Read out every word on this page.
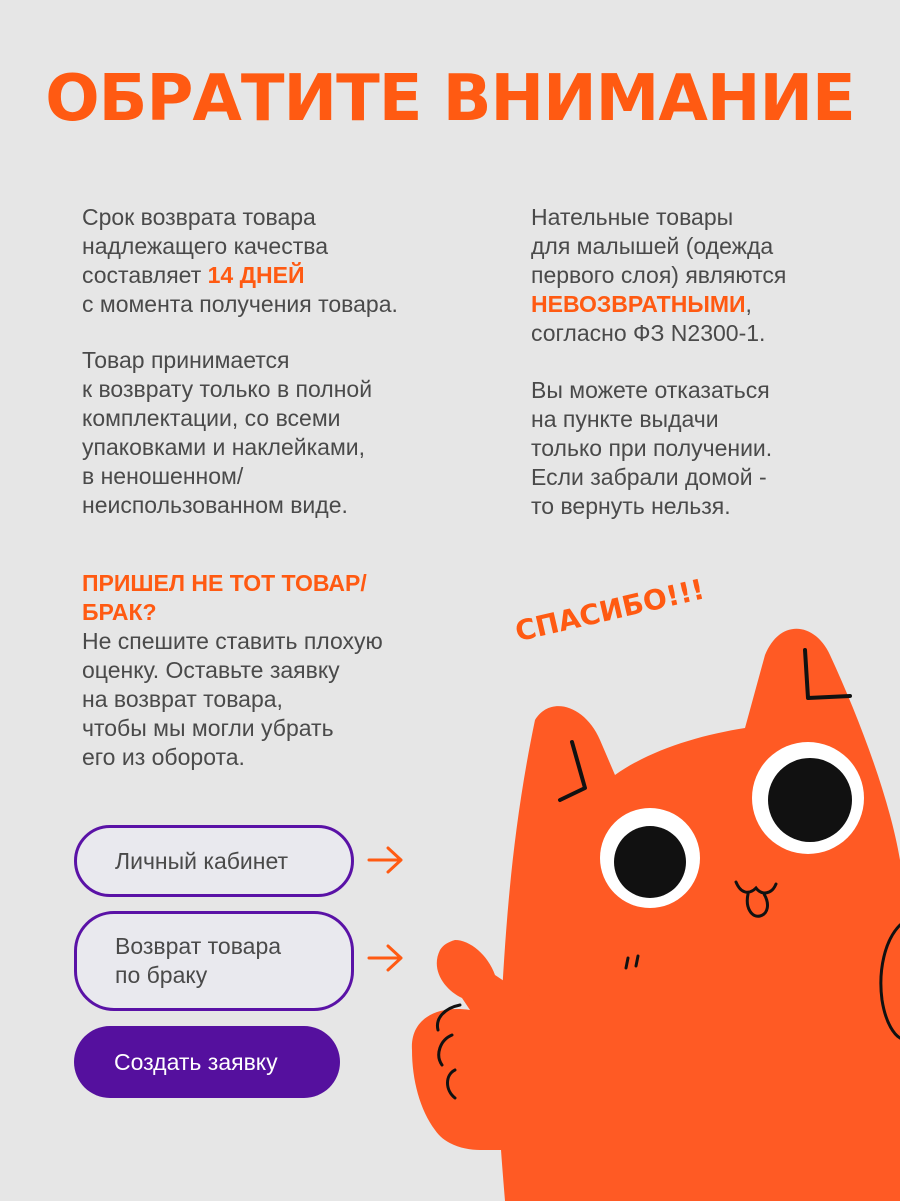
ОБРАТИТЕ ВНИМАНИЕ

Срок возврата товара
надлежащего качества
составляет 14 ДНЕЙ
с момента получения товара.

Товар принимается
к возврату только в полной
комплектации, со всеми
упаковками и наклейками,
в неношенном/
неиспользованном виде.

Нательные товары
для малышей (одежда
первого слоя) являются
НЕВОЗВРАТНЫМИ,
согласно ФЗ N2300-1.

Вы можете отказаться
на пункте выдачи
только при получении.
Если забрали домой -
то вернуть нельзя.

ПРИШЕЛ НЕ ТОТ ТОВАР/
БРАК?
Не спешите ставить плохую
оценку. Оставьте заявку
на возврат товара,
чтобы мы могли убрать
его из оборота.

Личный кабинет
Возврат товара
по браку
Создать заявку
СПАСИБО!!!
